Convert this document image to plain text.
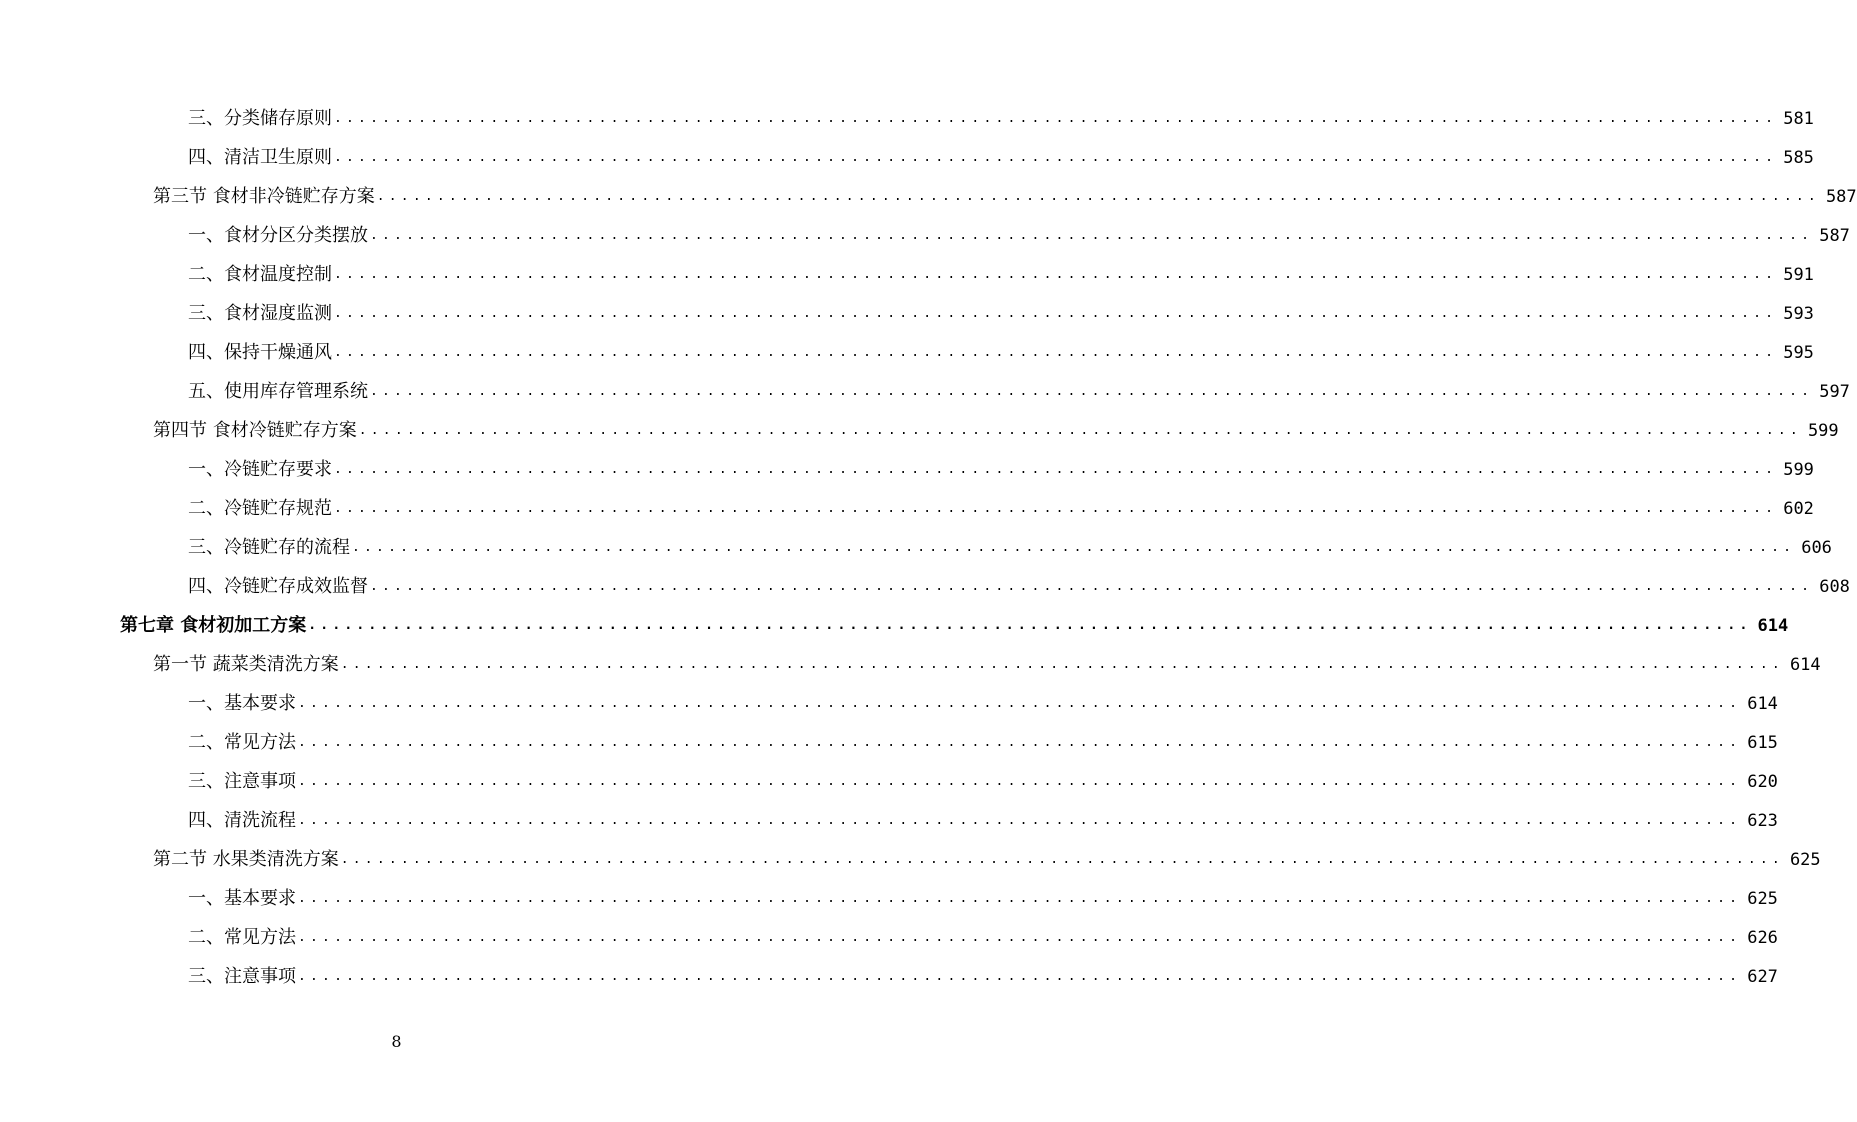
三、分类储存原则 ........................................................................................................................ 581
四、清洁卫生原则 ........................................................................................................................ 585
第三节 食材非冷链贮存方案 ........................................................................................................................ 587
一、食材分区分类摆放 ........................................................................................................................ 587
二、食材温度控制 ........................................................................................................................ 591
三、食材湿度监测 ........................................................................................................................ 593
四、保持干燥通风 ........................................................................................................................ 595
五、使用库存管理系统 ........................................................................................................................ 597
第四节 食材冷链贮存方案 ........................................................................................................................ 599
一、冷链贮存要求 ........................................................................................................................ 599
二、冷链贮存规范 ........................................................................................................................ 602
三、冷链贮存的流程 ........................................................................................................................ 606
四、冷链贮存成效监督 ........................................................................................................................ 608
第七章 食材初加工方案 ........................................................................................................................ 614
第一节 蔬菜类清洗方案 ........................................................................................................................ 614
一、基本要求 ........................................................................................................................ 614
二、常见方法 ........................................................................................................................ 615
三、注意事项 ........................................................................................................................ 620
四、清洗流程 ........................................................................................................................ 623
第二节 水果类清洗方案 ........................................................................................................................ 625
一、基本要求 ........................................................................................................................ 625
二、常见方法 ........................................................................................................................ 626
三、注意事项 ........................................................................................................................ 627
8
